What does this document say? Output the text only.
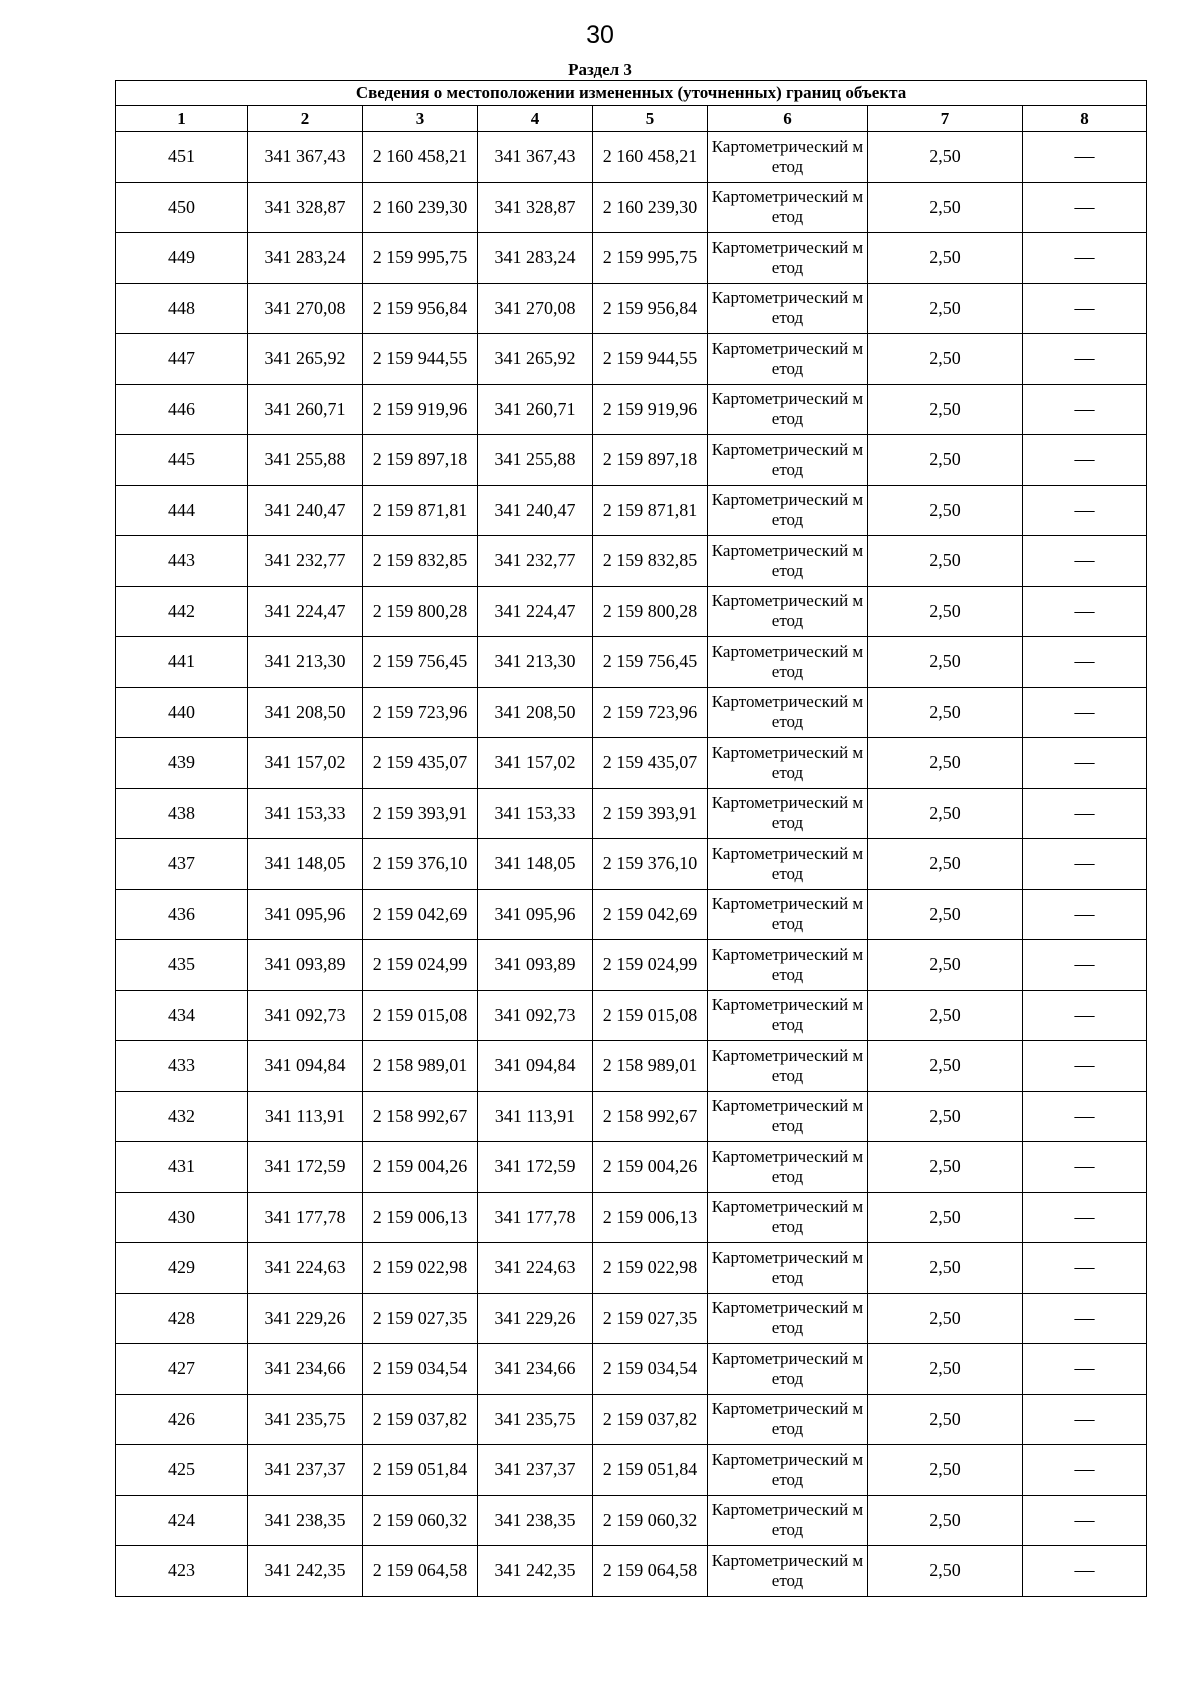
30
Раздел 3
Сведения о местоположении измененных (уточненных) границ объекта							
1	2	3	4	5	6	7	8
451	341 367,43	2 160 458,21	341 367,43	2 160 458,21	Картометрический метод	2,50	—
450	341 328,87	2 160 239,30	341 328,87	2 160 239,30	Картометрический метод	2,50	—
449	341 283,24	2 159 995,75	341 283,24	2 159 995,75	Картометрический метод	2,50	—
448	341 270,08	2 159 956,84	341 270,08	2 159 956,84	Картометрический метод	2,50	—
447	341 265,92	2 159 944,55	341 265,92	2 159 944,55	Картометрический метод	2,50	—
446	341 260,71	2 159 919,96	341 260,71	2 159 919,96	Картометрический метод	2,50	—
445	341 255,88	2 159 897,18	341 255,88	2 159 897,18	Картометрический метод	2,50	—
444	341 240,47	2 159 871,81	341 240,47	2 159 871,81	Картометрический метод	2,50	—
443	341 232,77	2 159 832,85	341 232,77	2 159 832,85	Картометрический метод	2,50	—
442	341 224,47	2 159 800,28	341 224,47	2 159 800,28	Картометрический метод	2,50	—
441	341 213,30	2 159 756,45	341 213,30	2 159 756,45	Картометрический метод	2,50	—
440	341 208,50	2 159 723,96	341 208,50	2 159 723,96	Картометрический метод	2,50	—
439	341 157,02	2 159 435,07	341 157,02	2 159 435,07	Картометрический метод	2,50	—
438	341 153,33	2 159 393,91	341 153,33	2 159 393,91	Картометрический метод	2,50	—
437	341 148,05	2 159 376,10	341 148,05	2 159 376,10	Картометрический метод	2,50	—
436	341 095,96	2 159 042,69	341 095,96	2 159 042,69	Картометрический метод	2,50	—
435	341 093,89	2 159 024,99	341 093,89	2 159 024,99	Картометрический метод	2,50	—
434	341 092,73	2 159 015,08	341 092,73	2 159 015,08	Картометрический метод	2,50	—
433	341 094,84	2 158 989,01	341 094,84	2 158 989,01	Картометрический метод	2,50	—
432	341 113,91	2 158 992,67	341 113,91	2 158 992,67	Картометрический метод	2,50	—
431	341 172,59	2 159 004,26	341 172,59	2 159 004,26	Картометрический метод	2,50	—
430	341 177,78	2 159 006,13	341 177,78	2 159 006,13	Картометрический метод	2,50	—
429	341 224,63	2 159 022,98	341 224,63	2 159 022,98	Картометрический метод	2,50	—
428	341 229,26	2 159 027,35	341 229,26	2 159 027,35	Картометрический метод	2,50	—
427	341 234,66	2 159 034,54	341 234,66	2 159 034,54	Картометрический метод	2,50	—
426	341 235,75	2 159 037,82	341 235,75	2 159 037,82	Картометрический метод	2,50	—
425	341 237,37	2 159 051,84	341 237,37	2 159 051,84	Картометрический метод	2,50	—
424	341 238,35	2 159 060,32	341 238,35	2 159 060,32	Картометрический метод	2,50	—
423	341 242,35	2 159 064,58	341 242,35	2 159 064,58	Картометрический метод	2,50	—
